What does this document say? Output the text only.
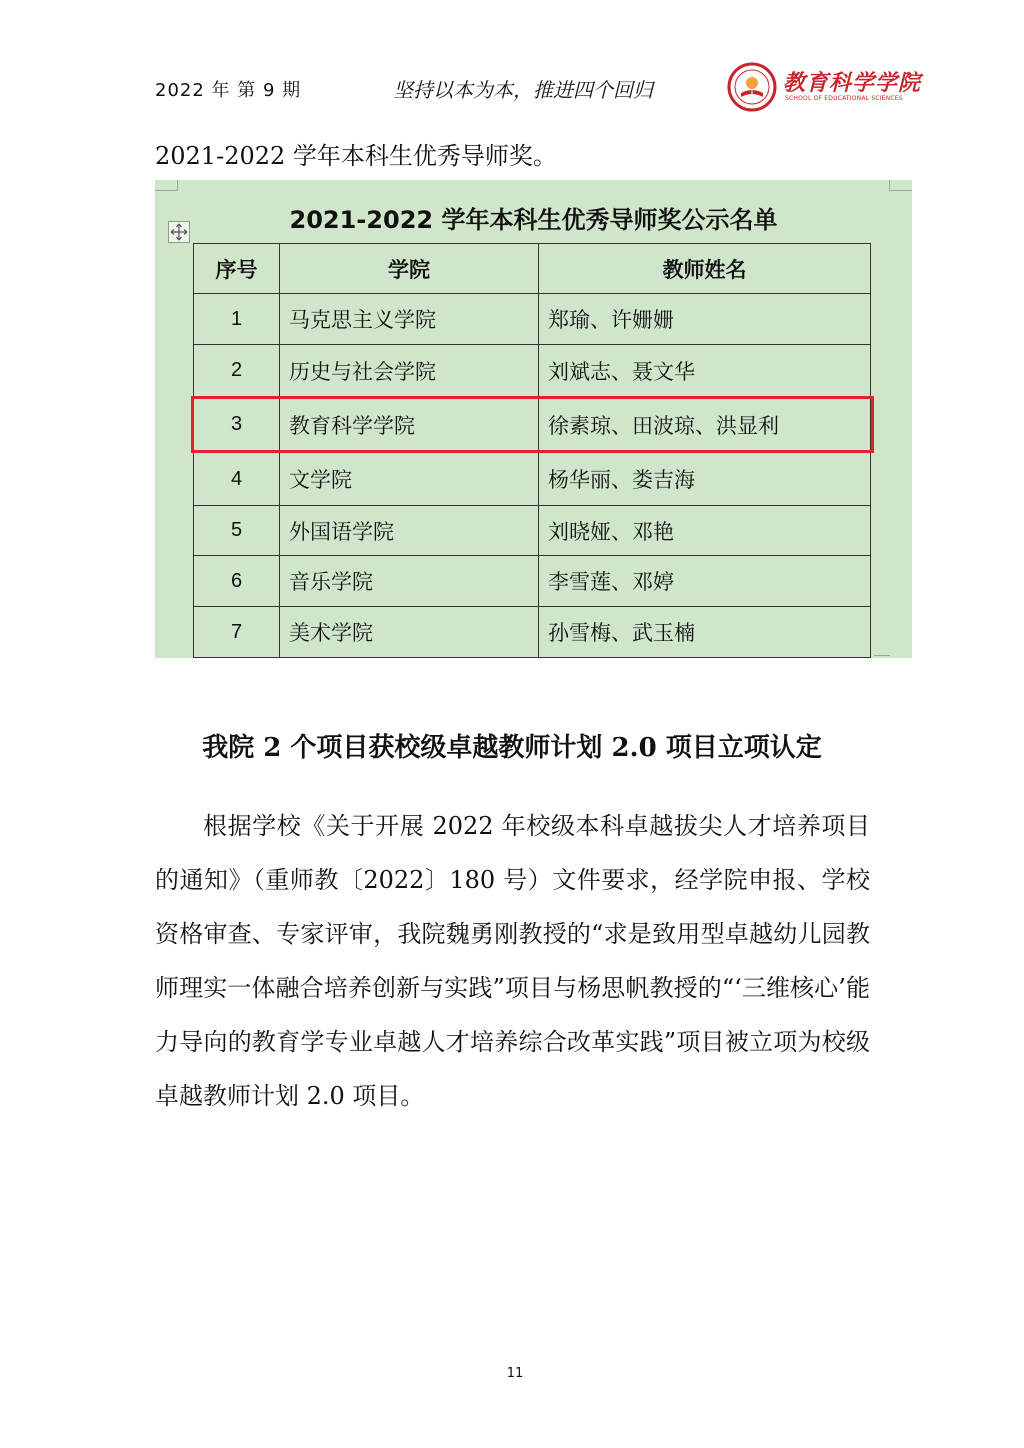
2022 年 第 9 期	坚持以本为本，推进四个回归	教育科学学院
SCHOOL OF EDUCATIONAL SCIENCES
2021-2022 学年本科生优秀导师奖。
2021-2022 学年本科生优秀导师奖公示名单
序号	学院	教师姓名
1	马克思主义学院	郑瑜、许姗姗
2	历史与社会学院	刘斌志、聂文华
3	教育科学学院	徐素琼、田波琼、洪显利
4	文学院	杨华丽、娄吉海
5	外国语学院	刘晓娅、邓艳
6	音乐学院	李雪莲、邓婷
7	美术学院	孙雪梅、武玉楠
我院 2 个项目获校级卓越教师计划 2.0 项目立项认定

根据学校《关于开展 2022 年校级本科卓越拔尖人才培养项目的通知》（重师教〔2022〕180 号）文件要求，经学院申报、学校资格审查、专家评审，我院魏勇刚教授的“求是致用型卓越幼儿园教师理实一体融合培养创新与实践”项目与杨思帆教授的“‘三维核心’能力导向的教育学专业卓越人才培养综合改革实践”项目被立项为校级卓越教师计划 2.0 项目。

11
